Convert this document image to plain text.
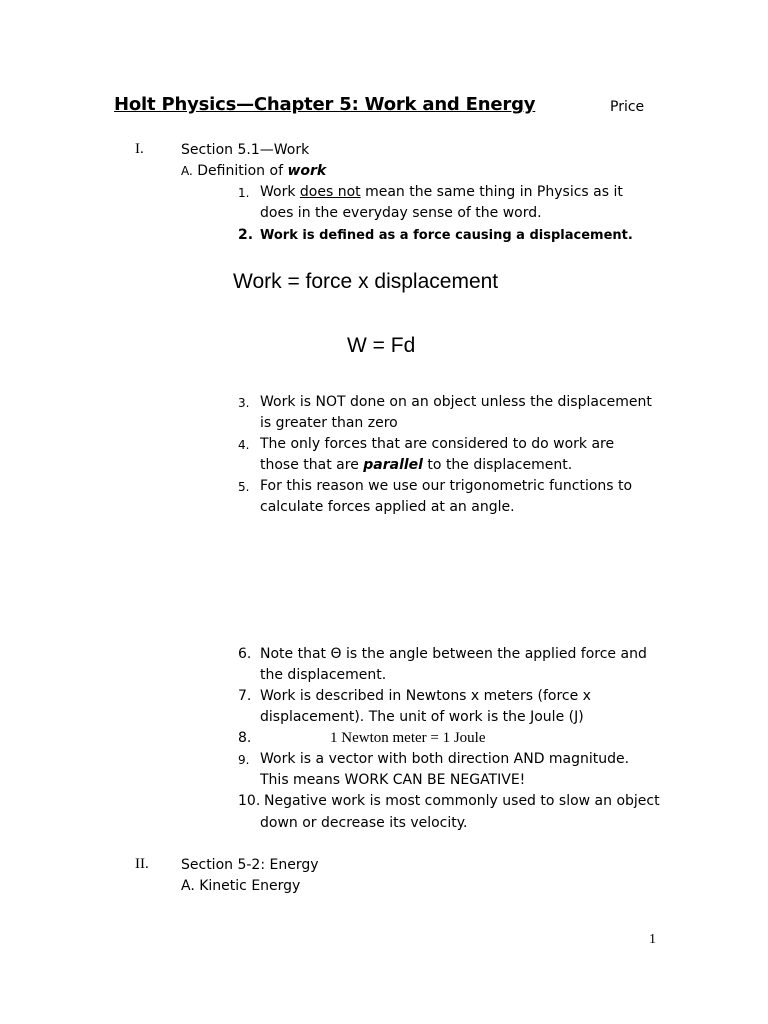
Holt Physics—Chapter 5: Work and Energy	Price
I.	Section 5.1—Work
A. Definition of work
1. Work does not mean the same thing in Physics as it
does in the everyday sense of the word.
2. Work is defined as a force causing a displacement.
Work = force x displacement
W = Fd
3. Work is NOT done on an object unless the displacement
is greater than zero
4. The only forces that are considered to do work are
those that are parallel to the displacement.
5. For this reason we use our trigonometric functions to
calculate forces applied at an angle.
6. Note that Θ is the angle between the applied force and
the displacement.
7. Work is described in Newtons x meters (force x
displacement). The unit of work is the Joule (J)
8.	1 Newton meter = 1 Joule
9. Work is a vector with both direction AND magnitude.
This means WORK CAN BE NEGATIVE!
10. Negative work is most commonly used to slow an object
down or decrease its velocity.
II. Section 5-2: Energy
A. Kinetic Energy
1
